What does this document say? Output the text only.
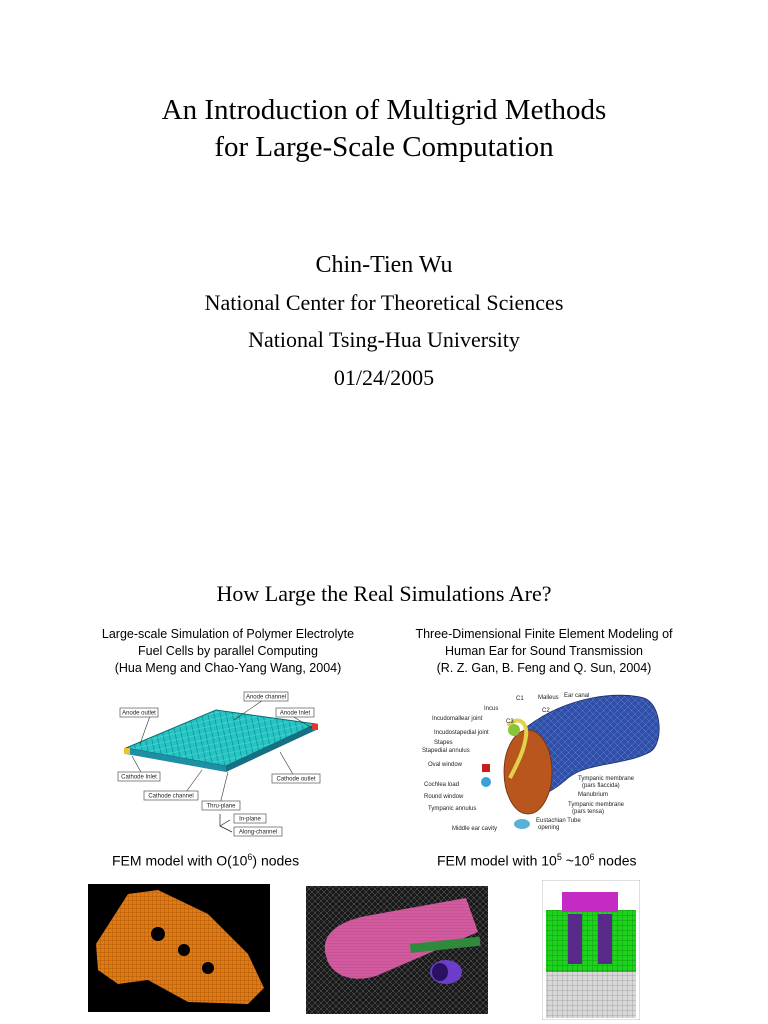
An Introduction of Multigrid Methods
for Large-Scale Computation
Chin-Tien Wu
National Center for Theoretical Sciences
National Tsing-Hua University
01/24/2005
How Large the Real Simulations Are?
Large-scale Simulation of Polymer Electrolyte
Fuel Cells by parallel Computing
(Hua Meng and Chao-Yang Wang, 2004)
Three-Dimensional Finite Element Modeling of
Human Ear for Sound Transmission
(R. Z. Gan, B. Feng and Q. Sun, 2004)
Anode channel
Anode outlet	Anode Inlet
Cathode Inlet	Cathode outlet
Cathode channel
Thru-plane
In-plane
Along-channel
Ear canal
Malleus
C1
C2
C3
Incus
Incudomallear joint
Incudostapedial joint
Stapes
Stapedial annulus
Oval window
Cochlea load
Round window
Tympanic annulus
Middle ear cavity
Tympanic membrane
(pars flaccida)
Manubrium
Tympanic membrane
(pars tensa)
Eustachian Tube
opening
FEM model with $O(10^6)$ nodes	FEM model with $10^5$ $\sim 10^6$ nodes
